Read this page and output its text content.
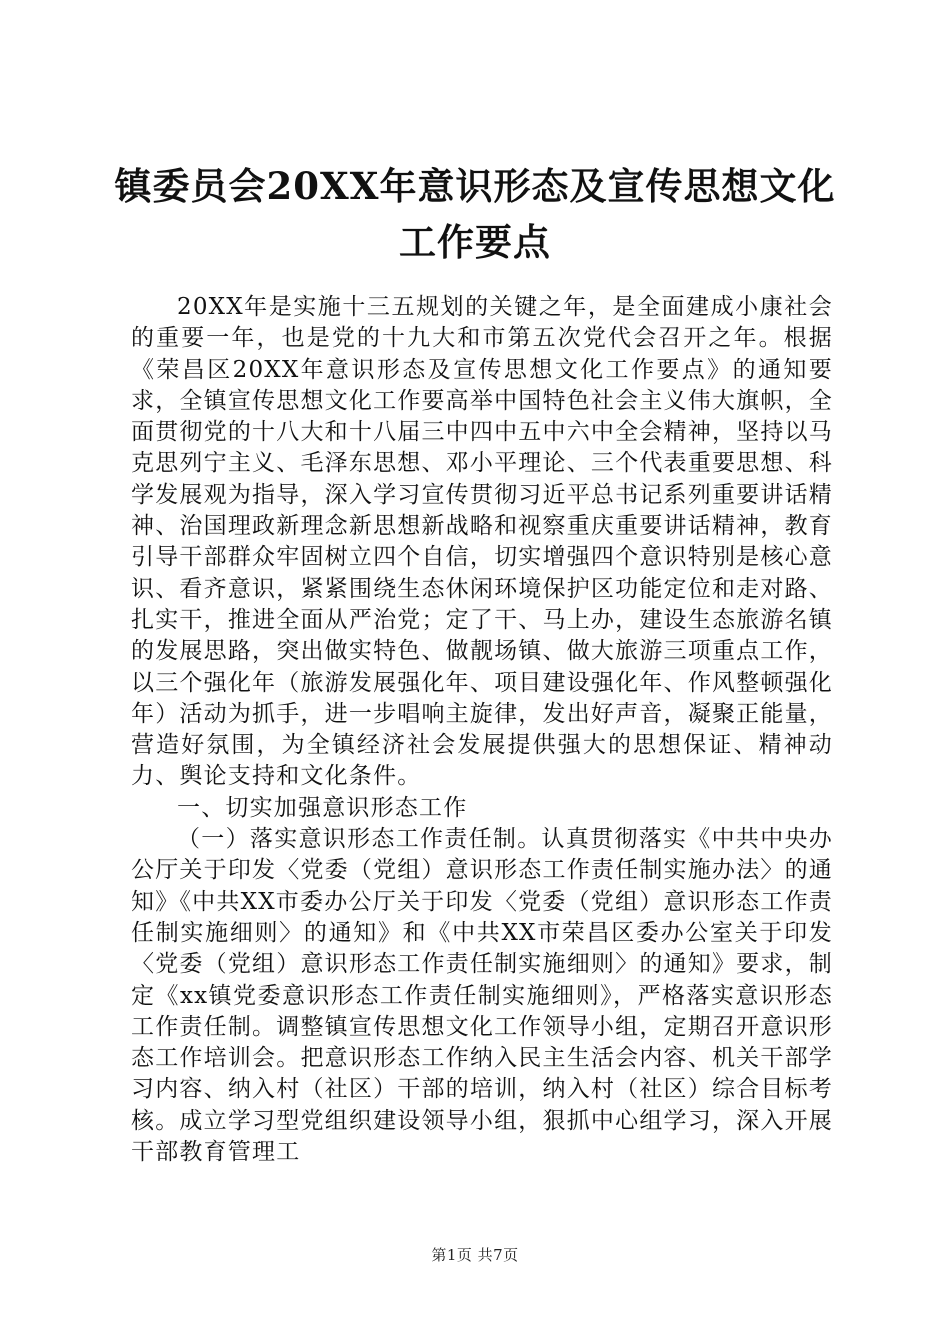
镇委员会20XX年意识形态及宣传思想文化工作要点

20XX年是实施十三五规划的关键之年，是全面建成小康社会的重要一年，也是党的十九大和市第五次党代会召开之年。根据《荣昌区20XX年意识形态及宣传思想文化工作要点》的通知要求，全镇宣传思想文化工作要高举中国特色社会主义伟大旗帜，全面贯彻党的十八大和十八届三中四中五中六中全会精神，坚持以马克思列宁主义、毛泽东思想、邓小平理论、三个代表重要思想、科学发展观为指导，深入学习宣传贯彻习近平总书记系列重要讲话精神、治国理政新理念新思想新战略和视察重庆重要讲话精神，教育引导干部群众牢固树立四个自信，切实增强四个意识特别是核心意识、看齐意识，紧紧围绕生态休闲环境保护区功能定位和走对路、扎实干，推进全面从严治党；定了干、马上办，建设生态旅游名镇的发展思路，突出做实特色、做靓场镇、做大旅游三项重点工作，以三个强化年（旅游发展强化年、项目建设强化年、作风整顿强化年）活动为抓手，进一步唱响主旋律，发出好声音，凝聚正能量，营造好氛围，为全镇经济社会发展提供强大的思想保证、精神动力、舆论支持和文化条件。

一、切实加强意识形态工作

（一）落实意识形态工作责任制。认真贯彻落实《中共中央办公厅关于印发〈党委（党组）意识形态工作责任制实施办法〉的通知》《中共XX市委办公厅关于印发〈党委（党组）意识形态工作责任制实施细则〉的通知》和《中共XX市荣昌区委办公室关于印发〈党委（党组）意识形态工作责任制实施细则〉的通知》要求，制定《xx镇党委意识形态工作责任制实施细则》，严格落实意识形态工作责任制。调整镇宣传思想文化工作领导小组，定期召开意识形态工作培训会。把意识形态工作纳入民主生活会内容、机关干部学习内容、纳入村（社区）干部的培训，纳入村（社区）综合目标考核。成立学习型党组织建设领导小组，狠抓中心组学习，深入开展干部教育管理工

第1页 共7页
